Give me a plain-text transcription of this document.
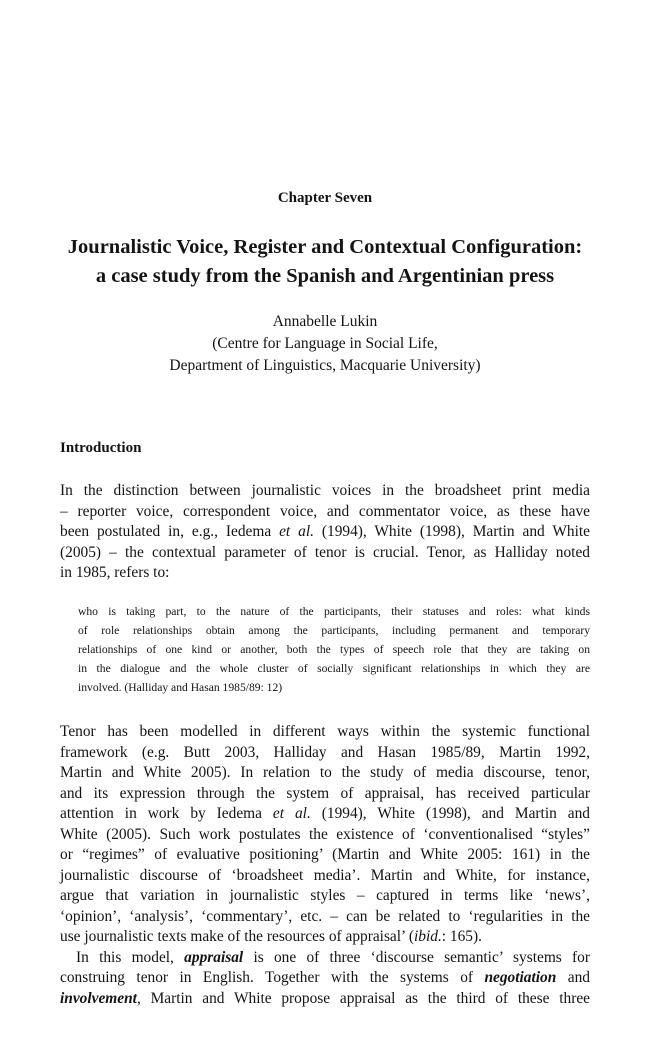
Chapter Seven
Journalistic Voice, Register and Contextual Configuration:
a case study from the Spanish and Argentinian press
Annabelle Lukin
(Centre for Language in Social Life,
Department of Linguistics, Macquarie University)
Introduction
In the distinction between journalistic voices in the broadsheet print media
– reporter voice, correspondent voice, and commentator voice, as these have
been postulated in, e.g., Iedema et al. (1994), White (1998), Martin and White
(2005) – the contextual parameter of tenor is crucial. Tenor, as Halliday noted
in 1985, refers to:
who is taking part, to the nature of the participants, their statuses and roles: what kinds
of role relationships obtain among the participants, including permanent and temporary
relationships of one kind or another, both the types of speech role that they are taking on
in the dialogue and the whole cluster of socially significant relationships in which they are
involved. (Halliday and Hasan 1985/89: 12)
Tenor has been modelled in different ways within the systemic functional
framework (e.g. Butt 2003, Halliday and Hasan 1985/89, Martin 1992,
Martin and White 2005). In relation to the study of media discourse, tenor,
and its expression through the system of appraisal, has received particular
attention in work by Iedema et al. (1994), White (1998), and Martin and
White (2005). Such work postulates the existence of ‘conventionalised “styles”
or “regimes” of evaluative positioning’ (Martin and White 2005: 161) in the
journalistic discourse of ‘broadsheet media’. Martin and White, for instance,
argue that variation in journalistic styles – captured in terms like ‘news’,
‘opinion’, ‘analysis’, ‘commentary’, etc. – can be related to ‘regularities in the
use journalistic texts make of the resources of appraisal’ (ibid.: 165).
In this model, appraisal is one of three ‘discourse semantic’ systems for
construing tenor in English. Together with the systems of negotiation and
involvement, Martin and White propose appraisal as the third of these three
